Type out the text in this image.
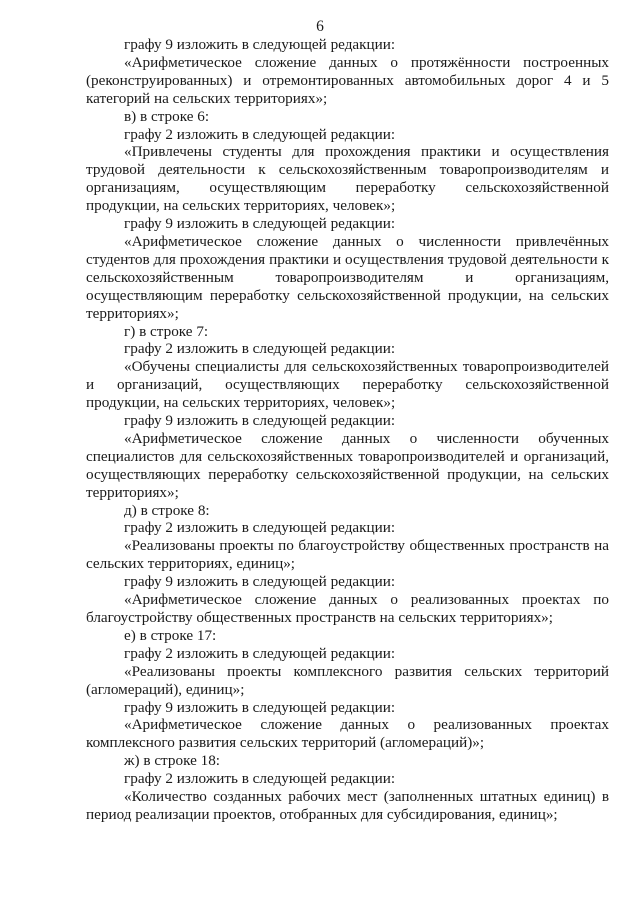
6

графу 9 изложить в следующей редакции:

«Арифметическое сложение данных о протяжённости построенных (реконструированных) и отремонтированных автомобильных дорог 4 и 5 категорий на сельских территориях»;

в) в строке 6:

графу 2 изложить в следующей редакции:

«Привлечены студенты для прохождения практики и осуществления трудовой деятельности к сельскохозяйственным товаропроизводителям и организациям, осуществляющим переработку сельскохозяйственной продукции, на сельских территориях, человек»;

графу 9 изложить в следующей редакции:

«Арифметическое сложение данных о численности привлечённых студентов для прохождения практики и осуществления трудовой деятельности к сельскохозяйственным товаропроизводителям и организациям, осуществляющим переработку сельскохозяйственной продукции, на сельских территориях»;

г) в строке 7:

графу 2 изложить в следующей редакции:

«Обучены специалисты для сельскохозяйственных товаропроизводителей и организаций, осуществляющих переработку сельскохозяйственной продукции, на сельских территориях, человек»;

графу 9 изложить в следующей редакции:

«Арифметическое сложение данных о численности обученных специалистов для сельскохозяйственных товаропроизводителей и организаций, осуществляющих переработку сельскохозяйственной продукции, на сельских территориях»;

д) в строке 8:

графу 2 изложить в следующей редакции:

«Реализованы проекты по благоустройству общественных пространств на сельских территориях, единиц»;

графу 9 изложить в следующей редакции:

«Арифметическое сложение данных о реализованных проектах по благоустройству общественных пространств на сельских территориях»;

е) в строке 17:

графу 2 изложить в следующей редакции:

«Реализованы проекты комплексного развития сельских территорий (агломераций), единиц»;

графу 9 изложить в следующей редакции:

«Арифметическое сложение данных о реализованных проектах комплексного развития сельских территорий (агломераций)»;

ж) в строке 18:

графу 2 изложить в следующей редакции:

«Количество созданных рабочих мест (заполненных штатных единиц) в период реализации проектов, отобранных для субсидирования, единиц»;
